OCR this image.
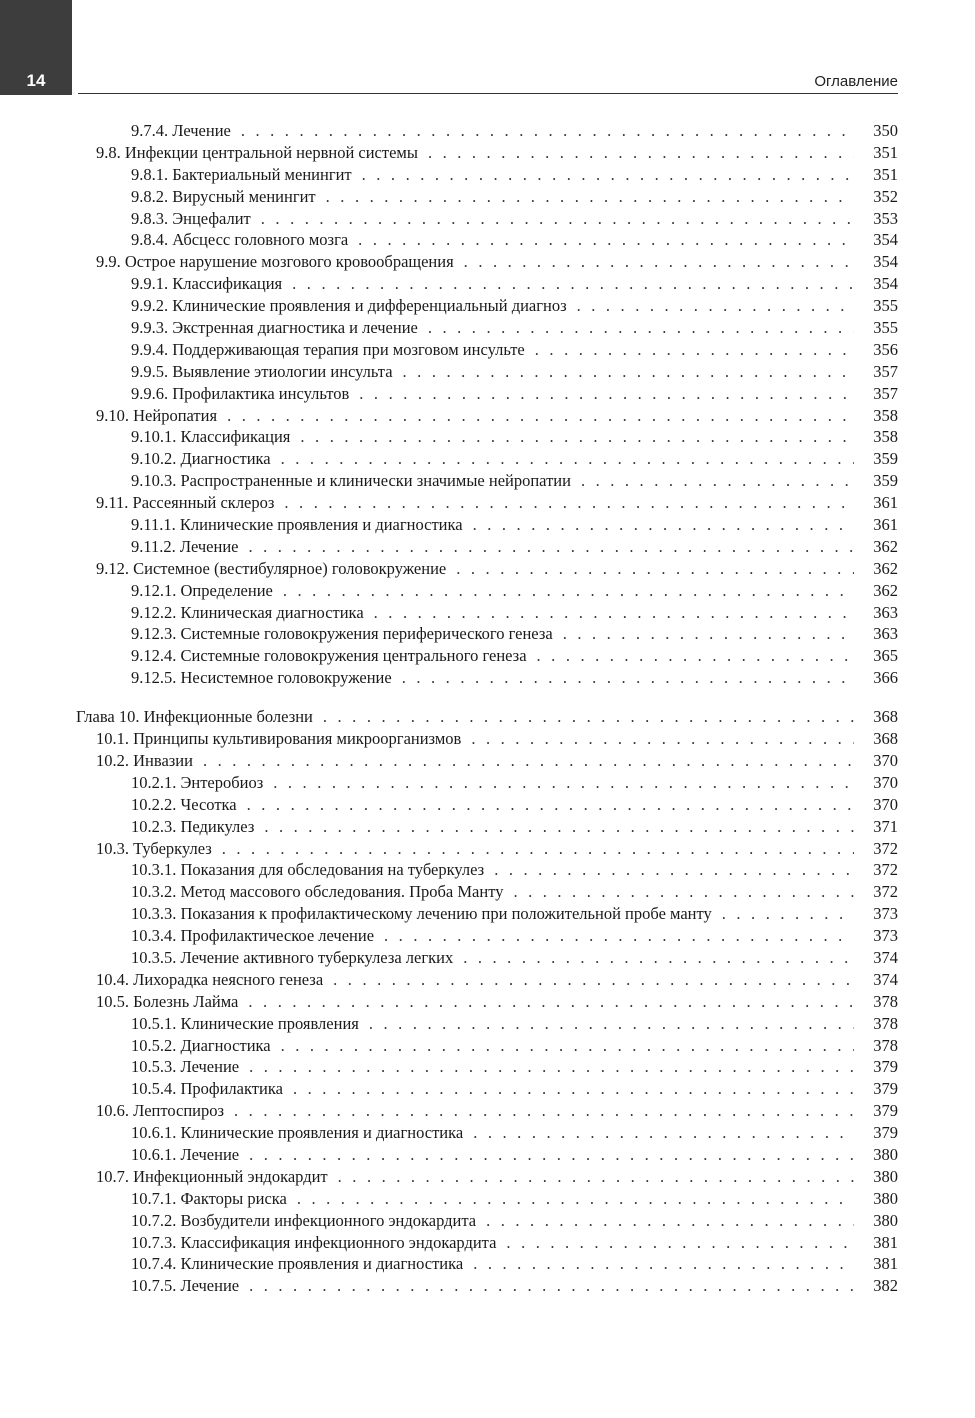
14	Оглавление
9.7.4. Лечение . . .	350
9.8. Инфекции центральной нервной системы . . .	351
9.8.1. Бактериальный менингит . . .	351
9.8.2. Вирусный менингит . . .	352
9.8.3. Энцефалит . . .	353
9.8.4. Абсцесс головного мозга . . .	354
9.9. Острое нарушение мозгового кровообращения . . .	354
9.9.1. Классификация . . .	354
9.9.2. Клинические проявления и дифференциальный диагноз . . .	355
9.9.3. Экстренная диагностика и лечение . . .	355
9.9.4. Поддерживающая терапия при мозговом инсульте . . .	356
9.9.5. Выявление этиологии инсульта . . .	357
9.9.6. Профилактика инсультов . . .	357
9.10. Нейропатия . . .	358
9.10.1. Классификация . . .	358
9.10.2. Диагностика . . .	359
9.10.3. Распространенные и клинически значимые нейропатии . . .	359
9.11. Рассеянный склероз . . .	361
9.11.1. Клинические проявления и диагностика . . .	361
9.11.2. Лечение . . .	362
9.12. Системное (вестибулярное) головокружение . . .	362
9.12.1. Определение . . .	362
9.12.2. Клиническая диагностика . . .	363
9.12.3. Системные головокружения периферического генеза . . .	363
9.12.4. Системные головокружения центрального генеза . . .	365
9.12.5. Несистемное головокружение . . .	366
Глава 10. Инфекционные болезни . . .	368
10.1. Принципы культивирования микроорганизмов . . .	368
10.2. Инвазии . . .	370
10.2.1. Энтеробиоз . . .	370
10.2.2. Чесотка . . .	370
10.2.3. Педикулез . . .	371
10.3. Туберкулез . . .	372
10.3.1. Показания для обследования на туберкулез . . .	372
10.3.2. Метод массового обследования. Проба Манту . . .	372
10.3.3. Показания к профилактическому лечению при положительной пробе манту . . .	373
10.3.4. Профилактическое лечение . . .	373
10.3.5. Лечение активного туберкулеза легких . . .	374
10.4. Лихорадка неясного генеза . . .	374
10.5. Болезнь Лайма . . .	378
10.5.1. Клинические проявления . . .	378
10.5.2. Диагностика . . .	378
10.5.3. Лечение . . .	379
10.5.4. Профилактика . . .	379
10.6. Лептоспироз . . .	379
10.6.1. Клинические проявления и диагностика . . .	379
10.6.1. Лечение . . .	380
10.7. Инфекционный эндокардит . . .	380
10.7.1. Факторы риска . . .	380
10.7.2. Возбудители инфекционного эндокардита . . .	380
10.7.3. Классификация инфекционного эндокардита . . .	381
10.7.4. Клинические проявления и диагностика . . .	381
10.7.5. Лечение . . .	382
